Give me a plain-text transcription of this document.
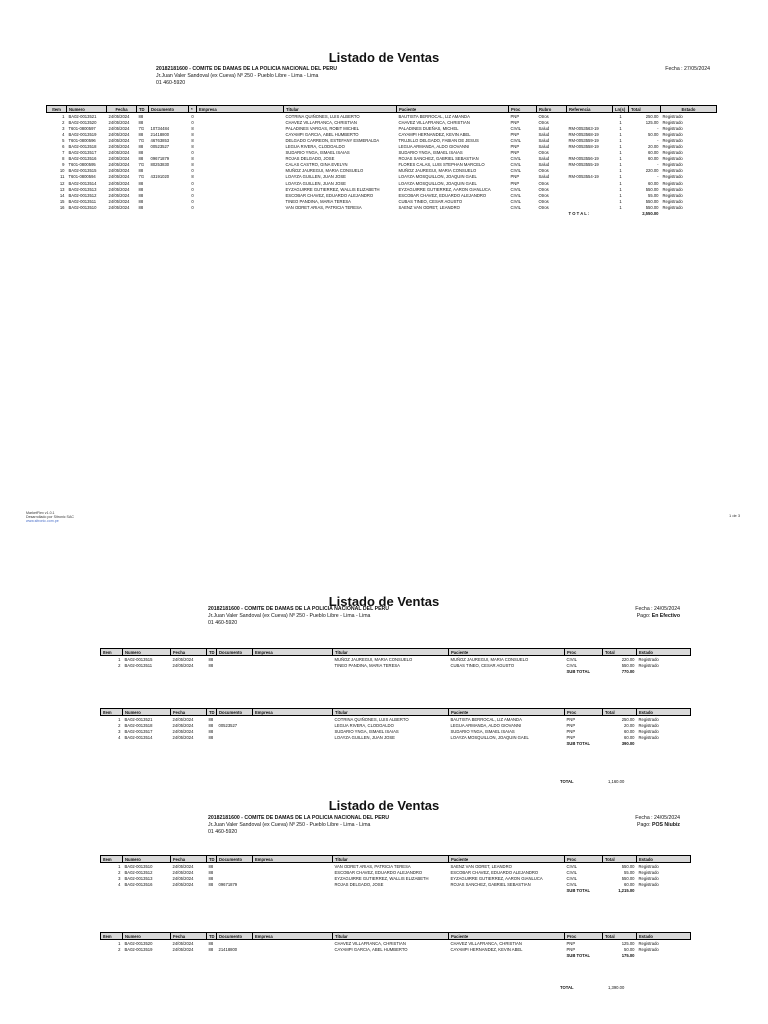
Listado de Ventas
20182181600 - COMITE DE DAMAS DE LA POLICIA NACIONAL DEL PERU
Jr.Juan Valer Sandoval (ex Cueva) Nº 250 - Pueblo Libre - Lima - Lima
01 460-5920
Fecha : 27/05/2024
Item	Numero	Fecha	TD	Documento	*	Empresa	Titular	Paciente	Proc	Rubro	Referencia	Ln(s)	Total	Estado
1	BA02-0013521	24/05/2024	88		0		COTRINA QUIÑONES, LUIS ALBERTO	BAUTISTA BERROCAL, LIZ AMANDA	PNP	Otros		1	250.00	Registrado
2	BA02-0013520	24/05/2024	88		0		CHAVEZ VILLAFRANCA, CHRISTIAN	CHAVEZ VILLAFRANCA, CHRISTIAN	PNP	Otros		1	125.00	Registrado
3	T601-0800597	24/05/2024	7G	10734484	8		PALADINES VARGAS, ROBIT MICHEL	PALADINES DUEÑAS, MICHEL	CIVIL	Salud	RM-0053563-19	1	-	Registrado
4	BA02-0013519	24/05/2024	88	21418800	8		CAYAMPI GARCIA, ABEL HUMBERTO	CAYAMPI HERNANDEZ, KEVIN ABEL	PNP	Salud	RM-0053568-19	1	50.00	Registrado
5	T601-0800596	24/05/2024	7G	46763853	8		DELGADO CARREON, ESTEFANY ESMERALDA	TRUJILLO DELGADO, FABIAN DE JESUS	CIVIL	Salud	RM-0053559-19	1	-	Registrado
6	BA02-0013518	24/05/2024	88	00523527	8		LEGUA RIVERA, CLODOALDO	LEGUA ARMANDA, ALDO GIOVANNI	PNP	Salud	RM-0053558-19	1	20.00	Registrado
7	BA02-0013517	24/05/2024	88		0		SUDARIO YNGA, ISMAEL ISAIAS	SUDARIO YNGA, ISMAEL ISAIAS	PNP	Otros		1	60.00	Registrado
8	BA02-0013516	24/05/2024	88	09671879	8		ROJAS DELGADO, JOSE	ROJAS SANCHEZ, GABRIEL SEBASTIAN	CIVIL	Salud	RM-0053556-19	1	60.00	Registrado
9	T601-0800595	24/05/2024	7G	80253830	8		CALAS CASTRO, GINA EVELYN	FLORES CALAS, LUIS STEPHAN MARCELO	CIVIL	Salud	RM-0053555-19	1	-	Registrado
10	BA02-0013515	24/05/2024	88		0		MUÑOZ JAUREGUI, MARIA CONSUELO	MUÑOZ JAUREGUI, MARIA CONSUELO	CIVIL	Otros		1	220.00	Registrado
11	T601-0800594	24/05/2024	7G	43191020	8		LOAYZA GUILLEN, JUAN JOSE	LOAYZA MOSQUILLON, JOAQUIN GAEL	PNP	Salud	RM-0053554-19	1	-	Registrado
12	BA02-0013514	24/05/2024	88		0		LOAYZA GUILLEN, JUAN JOSE	LOAYZA MOSQUILLON, JOAQUIN GAEL	PNP	Otros		1	60.00	Registrado
13	BA02-0013513	24/05/2024	88		0		EYZAGUIRRE GUTIERREZ, WALLIS ELIZABETH	EYZAGUIRRE GUTIERREZ, AARON GIANLUCA	CIVIL	Otros		1	550.00	Registrado
14	BA02-0013512	24/05/2024	88		0		ESCOBAR CHAVEZ, EDUARDO ALEJANDRO	ESCOBAR CHAVEZ, EDUARDO ALEJANDRO	CIVIL	Otros		1	55.00	Registrado
15	BA02-0013511	24/05/2024	88		0		TINEO PANDINA, MARIA TERESA	CUBAS TINEO, CESAR AGUSTO	CIVIL	Otros		1	550.00	Registrado
16	BA02-0013510	24/05/2024	88		0		VAN ODRET ARIAS, PATRICIA TERESA	SAENZ VAN ODRET, LEANDRO	CIVIL	Otros		1	550.00	Registrado
											T O T A L :		2,550.00	
MarketFlex v1.0.1
Desarrollado por Sitronic SAC
www.sitronic.com.pe
1 de 3
Listado de Ventas
20182181600 - COMITE DE DAMAS DE LA POLICIA NACIONAL DEL PERU
Jr.Juan Valer Sandoval (ex Cueva) Nº 250 - Pueblo Libre - Lima - Lima
01 460-5920
Fecha : 24/05/2024
Pago: En Efectivo
Item	Numero	Fecha	TD	Documento	Empresa	Titular	Paciente	Proc	Total	Estado
1	BA02-0013515	24/05/2024	88			MUÑOZ JAUREGUI, MARIA CONSUELO	MUÑOZ JAUREGUI, MARIA CONSUELO	CIVIL	220.00	Registrado
2	BA02-0013511	24/05/2024	88			TINEO PANDINA, MARIA TERESA	CUBAS TINEO, CESAR AGUSTO	CIVIL	550.00	Registrado
								SUB TOTAL	770.00	
Item	Numero	Fecha	TD	Documento	Empresa	Titular	Paciente	Proc	Total	Estado
1	BA02-0013521	24/05/2024	88			COTRINA QUIÑONES, LUIS ALBERTO	BAUTISTA BERROCAL, LIZ AMANDA	PNP	250.00	Registrado
2	BA02-0013518	24/05/2024	88	00523527		LEGUA RIVERA, CLODOALDO	LEGUA ARMANDA, ALDO GIOVANNI	PNP	20.00	Registrado
3	BA02-0013517	24/05/2024	88			SUDARIO YNGA, ISMAEL ISAIAS	SUDARIO YNGA, ISMAEL ISAIAS	PNP	60.00	Registrado
4	BA02-0013514	24/05/2024	88			LOAYZA GUILLEN, JUAN JOSE	LOAYZA MOSQUILLON, JOAQUIN GAEL	PNP	60.00	Registrado
								SUB TOTAL	390.00	
TOTAL	1,160.00
Listado de Ventas
20182181600 - COMITE DE DAMAS DE LA POLICIA NACIONAL DEL PERU
Jr.Juan Valer Sandoval (ex Cueva) Nº 250 - Pueblo Libre - Lima - Lima
01 460-5920
Fecha : 24/05/2024
Pago: POS Niubiz
Item	Numero	Fecha	TD	Documento	Empresa	Titular	Paciente	Proc	Total	Estado
1	BA02-0013510	24/05/2024	88			VAN ODRET ARIAS, PATRICIA TERESA	SAENZ VAN ODRET, LEANDRO	CIVIL	550.00	Registrado
2	BA02-0013512	24/05/2024	88			ESCOBAR CHAVEZ, EDUARDO ALEJANDRO	ESCOBAR CHAVEZ, EDUARDO ALEJANDRO	CIVIL	55.00	Registrado
3	BA02-0013513	24/05/2024	88			EYZAGUIRRE GUTIERREZ, WALLIS ELIZABETH	EYZAGUIRRE GUTIERREZ, AARON GIANLUCA	CIVIL	550.00	Registrado
4	BA02-0013516	24/05/2024	88	09671879		ROJAS DELGADO, JOSE	ROJAS SANCHEZ, GABRIEL SEBASTIAN	CIVIL	60.00	Registrado
								SUB TOTAL	1,215.00	
Item	Numero	Fecha	TD	Documento	Empresa	Titular	Paciente	Proc	Total	Estado
1	BA02-0013520	24/05/2024	88			CHAVEZ VILLAFRANCA, CHRISTIAN	CHAVEZ VILLAFRANCA, CHRISTIAN	PNP	125.00	Registrado
2	BA02-0013519	24/05/2024	88	21418800		CAYAMPI GARCIA, ABEL HUMBERTO	CAYAMPI HERNANDEZ, KEVIN ABEL	PNP	50.00	Registrado
								SUB TOTAL	175.00	
TOTAL	1,390.00
